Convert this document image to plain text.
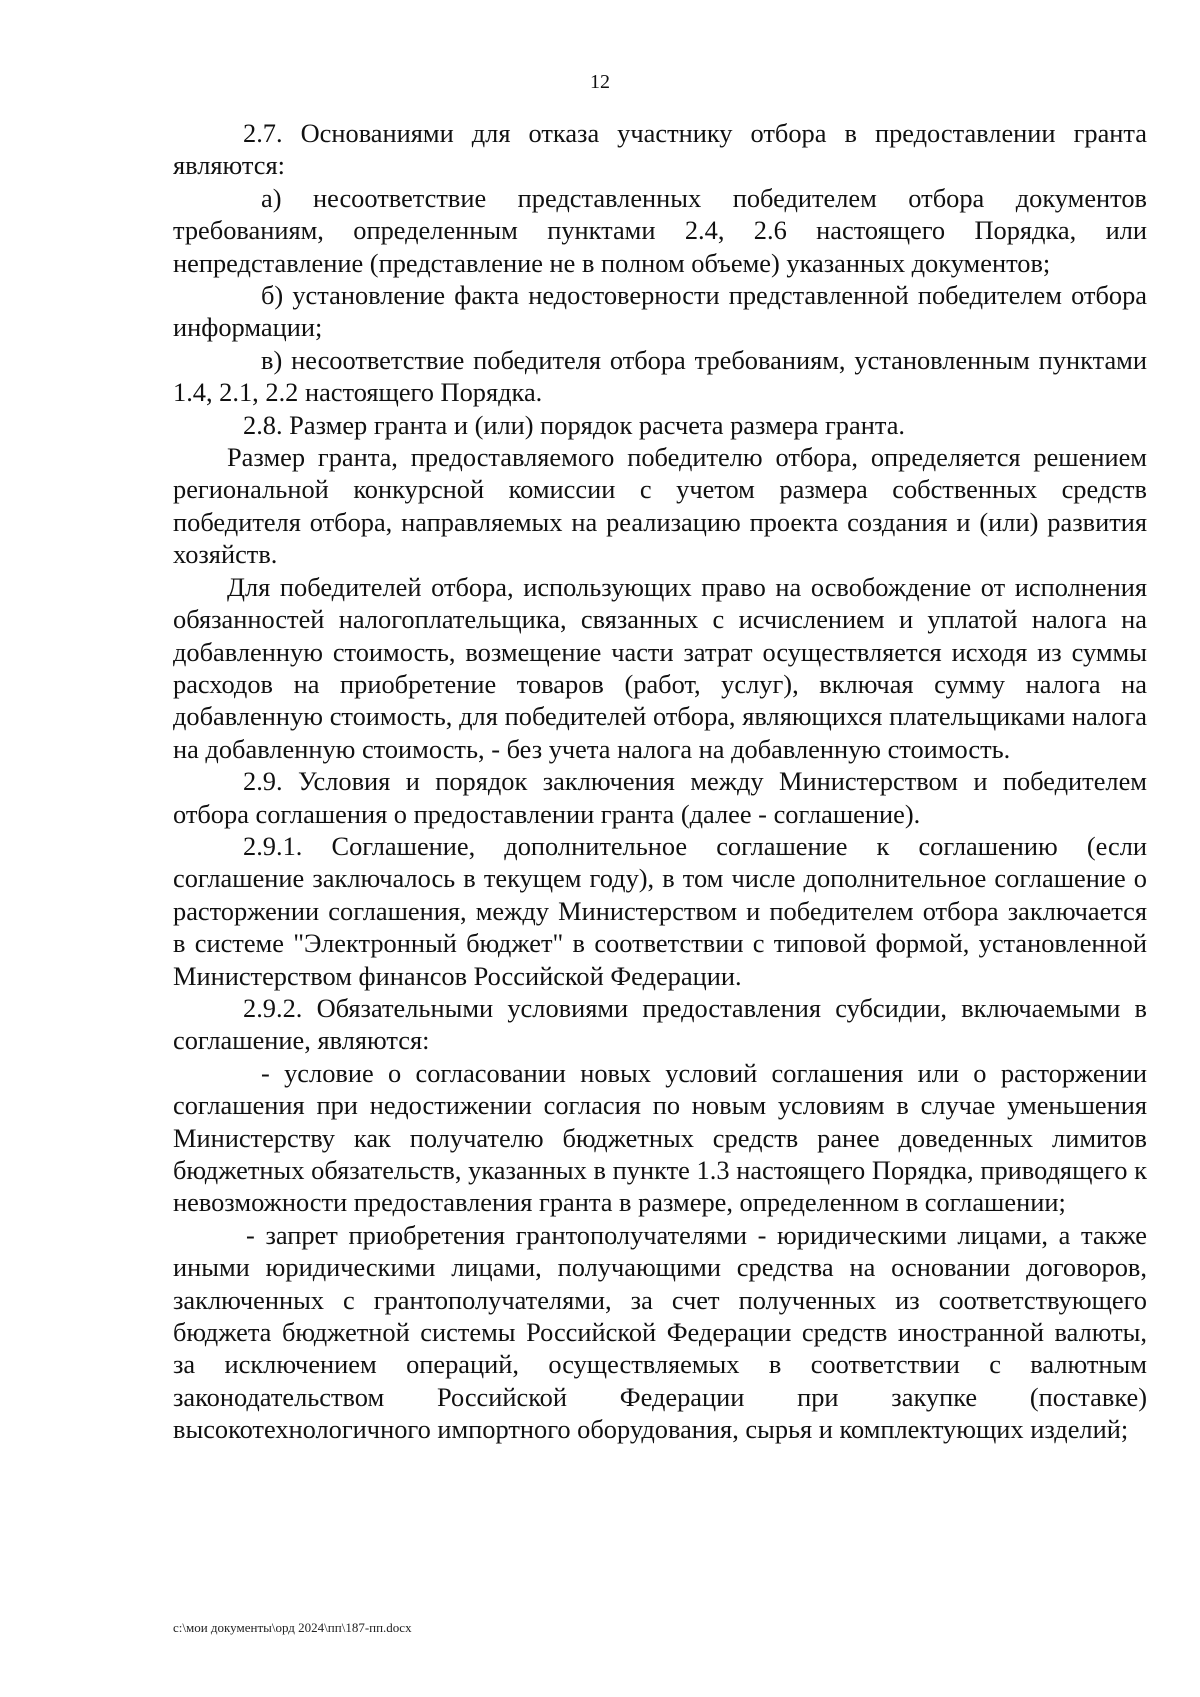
12

2.7. Основаниями для отказа участнику отбора в предоставлении гранта являются:

а) несоответствие представленных победителем отбора документов требованиям, определенным пунктами 2.4, 2.6 настоящего Порядка, или непредставление (представление не в полном объеме) указанных документов;

б) установление факта недостоверности представленной победителем отбора информации;

в) несоответствие победителя отбора требованиям, установленным пунктами 1.4, 2.1, 2.2 настоящего Порядка.

2.8. Размер гранта и (или) порядок расчета размера гранта.

Размер гранта, предоставляемого победителю отбора, определяется решением региональной конкурсной комиссии с учетом размера собственных средств победителя отбора, направляемых на реализацию проекта создания и (или) развития хозяйств.

Для победителей отбора, использующих право на освобождение от исполнения обязанностей налогоплательщика, связанных с исчислением и уплатой налога на добавленную стоимость, возмещение части затрат осуществляется исходя из суммы расходов на приобретение товаров (работ, услуг), включая сумму налога на добавленную стоимость, для победителей отбора, являющихся плательщиками налога на добавленную стоимость, - без учета налога на добавленную стоимость.

2.9. Условия и порядок заключения между Министерством и победителем отбора соглашения о предоставлении гранта (далее - соглашение).

2.9.1. Соглашение, дополнительное соглашение к соглашению (если соглашение заключалось в текущем году), в том числе дополнительное соглашение о расторжении соглашения, между Министерством и победителем отбора заключается в системе "Электронный бюджет" в соответствии с типовой формой, установленной Министерством финансов Российской Федерации.

2.9.2. Обязательными условиями предоставления субсидии, включаемыми в соглашение, являются:

- условие о согласовании новых условий соглашения или о расторжении соглашения при недостижении согласия по новым условиям в случае уменьшения Министерству как получателю бюджетных средств ранее доведенных лимитов бюджетных обязательств, указанных в пункте 1.3 настоящего Порядка, приводящего к невозможности предоставления гранта в размере, определенном в соглашении;

- запрет приобретения грантополучателями - юридическими лицами, а также иными юридическими лицами, получающими средства на основании договоров, заключенных с грантополучателями, за счет полученных из соответствующего бюджета бюджетной системы Российской Федерации средств иностранной валюты, за исключением операций, осуществляемых в соответствии с валютным законодательством Российской Федерации при закупке (поставке) высокотехнологичного импортного оборудования, сырья и комплектующих изделий;

c:\мои документы\орд 2024\пп\187-пп.docx
